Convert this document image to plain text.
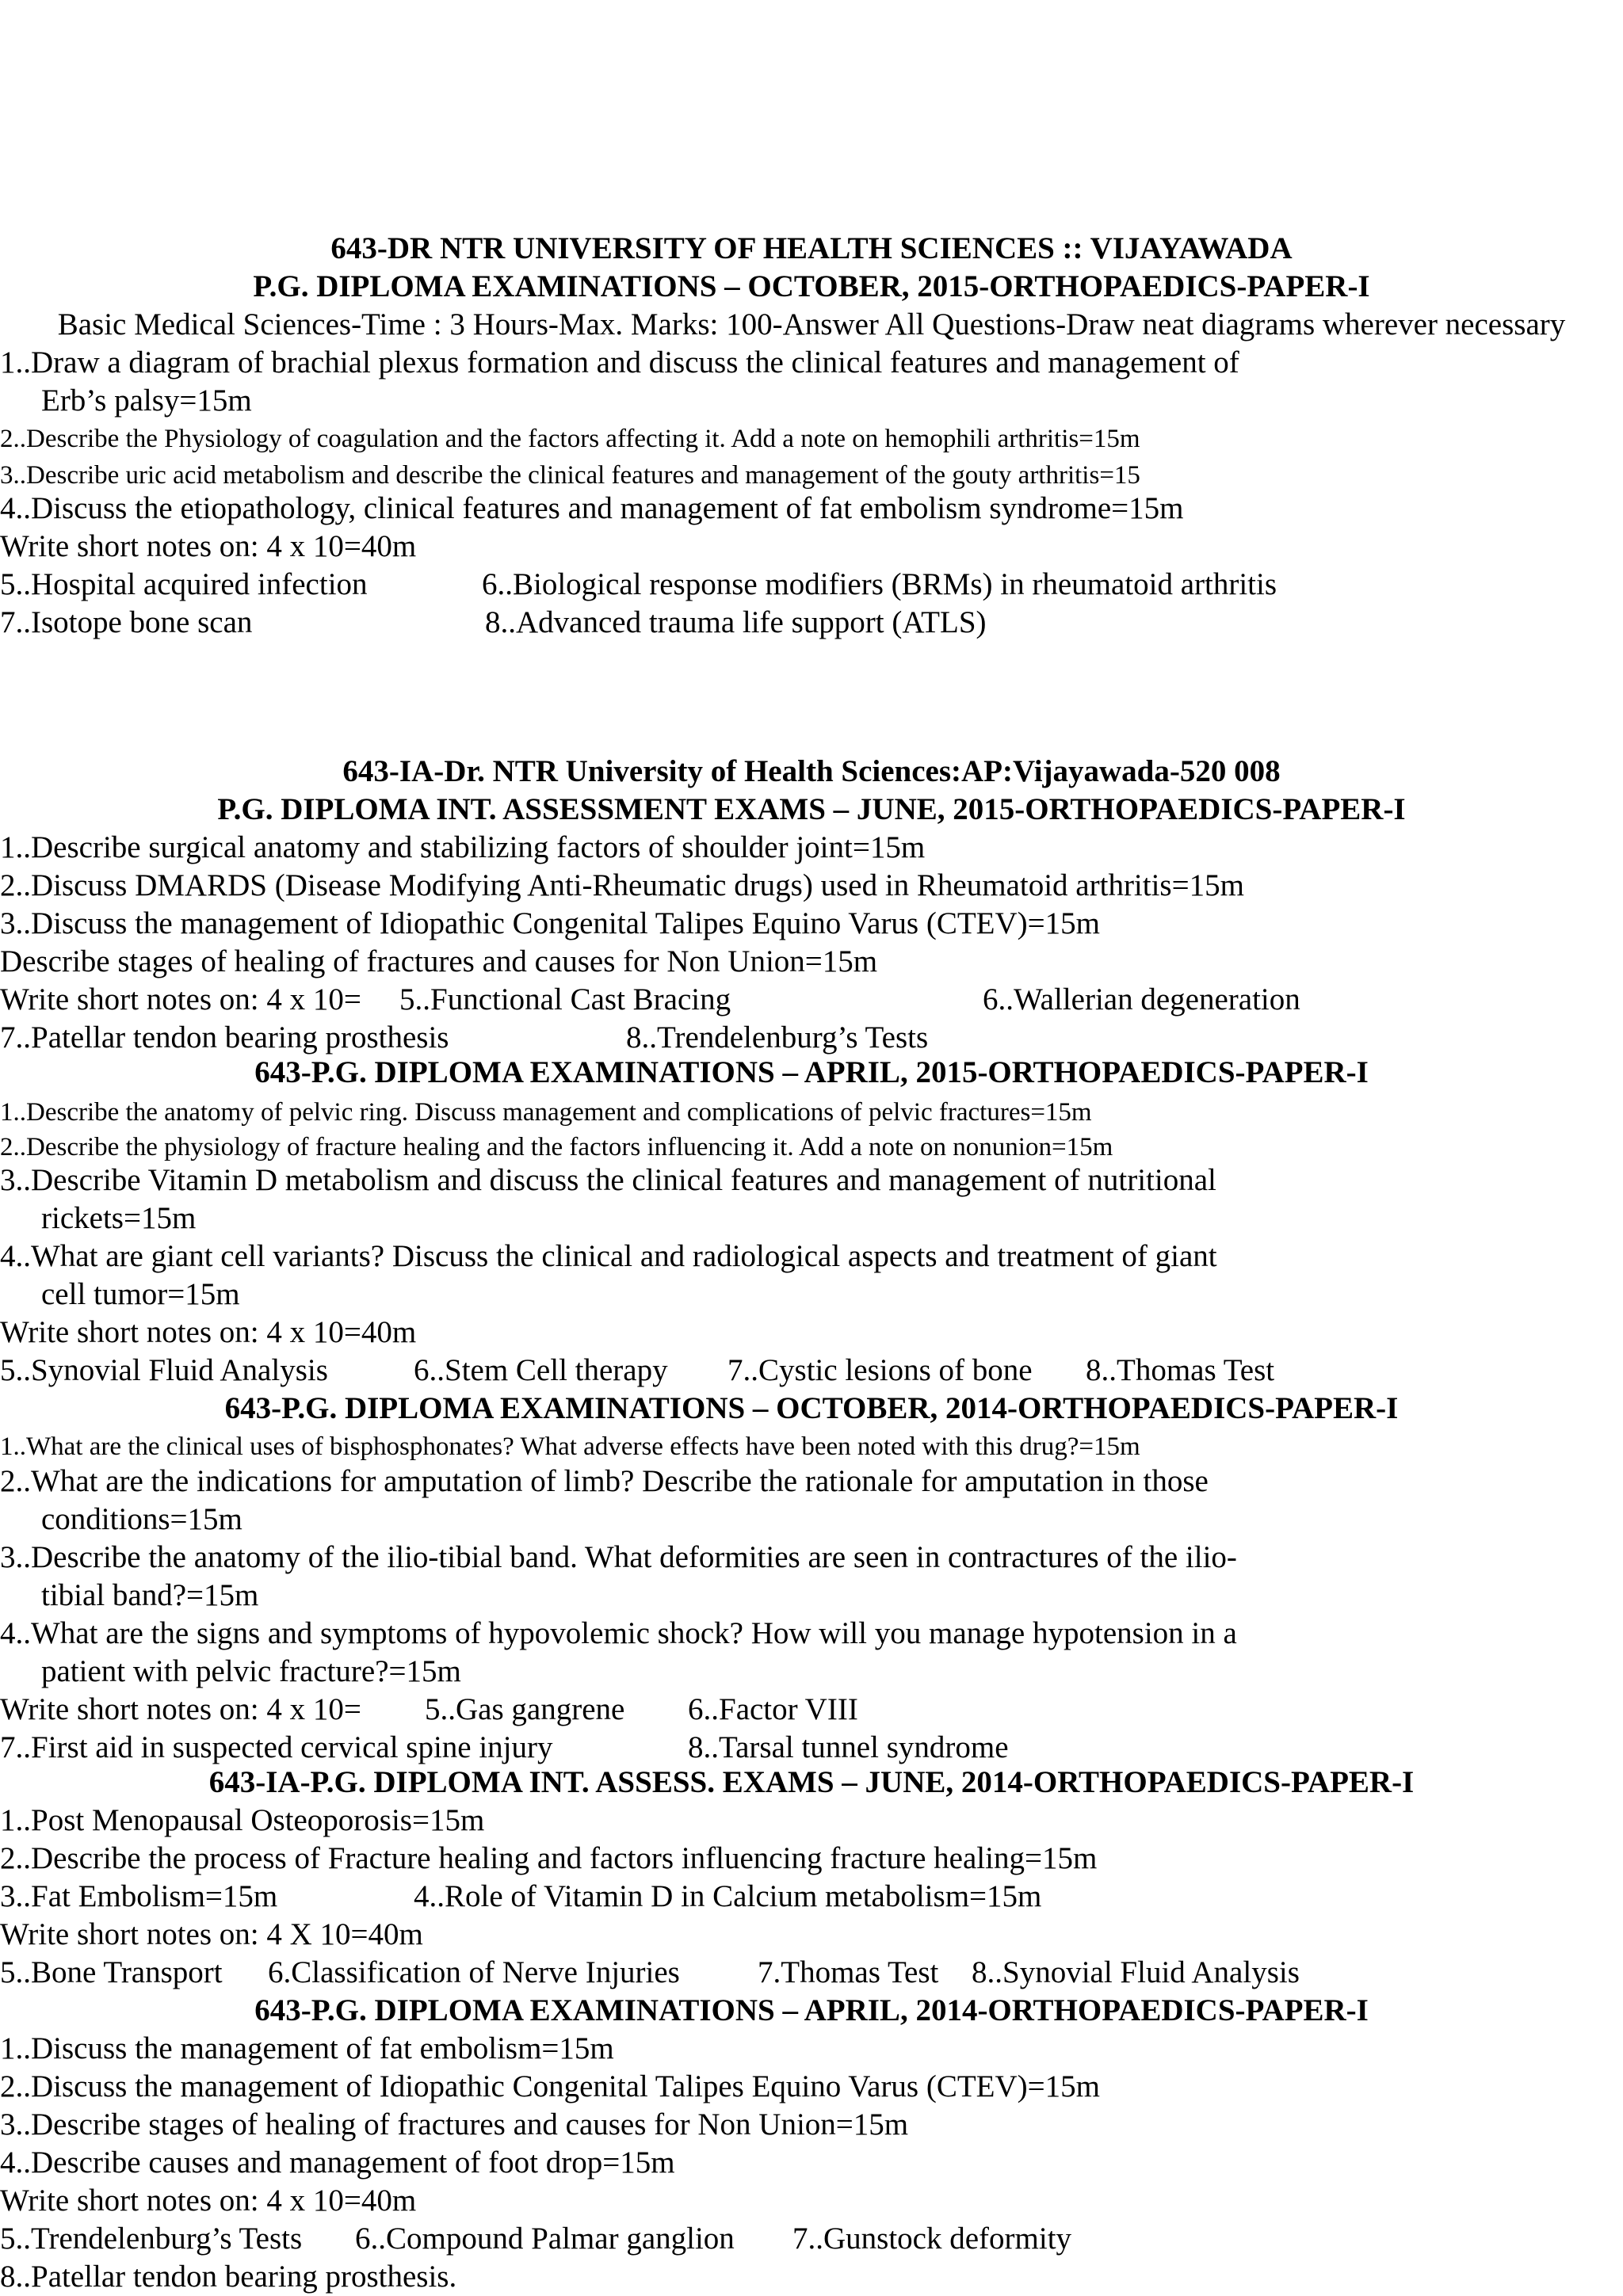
643-DR NTR UNIVERSITY OF HEALTH SCIENCES :: VIJAYAWADA
P.G. DIPLOMA EXAMINATIONS – OCTOBER, 2015-ORTHOPAEDICS-PAPER-I
Basic Medical Sciences-Time : 3 Hours-Max. Marks: 100-Answer All Questions-Draw neat diagrams wherever necessary
1..Draw a diagram of brachial plexus formation and discuss the clinical features and management of
Erb’s palsy=15m
2..Describe the Physiology of coagulation and the factors affecting it. Add a note on hemophili arthritis=15m
3..Describe uric acid metabolism and describe the clinical features and management of the gouty arthritis=15
4..Discuss the etiopathology, clinical features and management of fat embolism syndrome=15m
Write short notes on: 4 x 10=40m
5..Hospital acquired infection	6..Biological response modifiers (BRMs) in rheumatoid arthritis
7..Isotope bone scan	8..Advanced trauma life support (ATLS)
643-IA-Dr. NTR University of Health Sciences:AP:Vijayawada-520 008
P.G. DIPLOMA INT. ASSESSMENT EXAMS – JUNE, 2015-ORTHOPAEDICS-PAPER-I
1..Describe surgical anatomy and stabilizing factors of shoulder joint=15m
2..Discuss DMARDS (Disease Modifying Anti-Rheumatic drugs) used in Rheumatoid arthritis=15m
3..Discuss the management of Idiopathic Congenital Talipes Equino Varus (CTEV)=15m
Describe stages of healing of fractures and causes for Non Union=15m
Write short notes on: 4 x 10= 5..Functional Cast Bracing	6..Wallerian degeneration
7..Patellar tendon bearing prosthesis	8..Trendelenburg’s Tests
643-P.G. DIPLOMA EXAMINATIONS – APRIL, 2015-ORTHOPAEDICS-PAPER-I
1..Describe the anatomy of pelvic ring. Discuss management and complications of pelvic fractures=15m
2..Describe the physiology of fracture healing and the factors influencing it. Add a note on nonunion=15m
3..Describe Vitamin D metabolism and discuss the clinical features and management of nutritional
rickets=15m
4..What are giant cell variants? Discuss the clinical and radiological aspects and treatment of giant
cell tumor=15m
Write short notes on: 4 x 10=40m
5..Synovial Fluid Analysis	6..Stem Cell therapy 7..Cystic lesions of bone 8..Thomas Test
643-P.G. DIPLOMA EXAMINATIONS – OCTOBER, 2014-ORTHOPAEDICS-PAPER-I
1..What are the clinical uses of bisphosphonates? What adverse effects have been noted with this drug?=15m
2..What are the indications for amputation of limb? Describe the rationale for amputation in those
conditions=15m
3..Describe the anatomy of the ilio-tibial band. What deformities are seen in contractures of the ilio-
tibial band?=15m
4..What are the signs and symptoms of hypovolemic shock? How will you manage hypotension in a
patient with pelvic fracture?=15m
Write short notes on: 4 x 10= 5..Gas gangrene 6..Factor VIII
7..First aid in suspected cervical spine injury	8..Tarsal tunnel syndrome
643-IA-P.G. DIPLOMA INT. ASSESS. EXAMS – JUNE, 2014-ORTHOPAEDICS-PAPER-I
1..Post Menopausal Osteoporosis=15m
2..Describe the process of Fracture healing and factors influencing fracture healing=15m
3..Fat Embolism=15m	4..Role of Vitamin D in Calcium metabolism=15m
Write short notes on: 4 X 10=40m
5..Bone Transport 6.Classification of Nerve Injuries	7.Thomas Test 8..Synovial Fluid Analysis
643-P.G. DIPLOMA EXAMINATIONS – APRIL, 2014-ORTHOPAEDICS-PAPER-I
1..Discuss the management of fat embolism=15m
2..Discuss the management of Idiopathic Congenital Talipes Equino Varus (CTEV)=15m
3..Describe stages of healing of fractures and causes for Non Union=15m
4..Describe causes and management of foot drop=15m
Write short notes on: 4 x 10=40m
5..Trendelenburg’s Tests 6..Compound Palmar ganglion 7..Gunstock deformity
8..Patellar tendon bearing prosthesis.
